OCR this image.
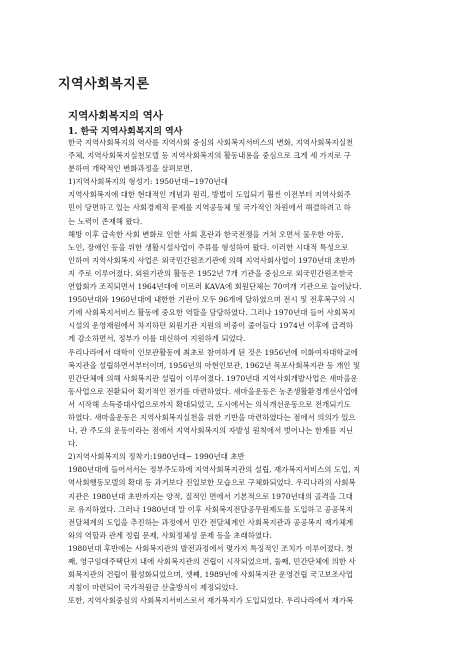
지역사회복지론
지역사회복지의 역사
1. 한국 지역사회복지의 역사
한국 지역사회복지의 역사를 지역사회 중심의 사회복지서비스의 변화, 지역사회복지실천
주체, 지역사회복지실천모델 등 지역사회복지의 활동내용을 중심으로 크게 세 가지로 구
분하여 개략적인 변화과정을 살펴보면,
1)지역사회복지의 형성기: 1950년대~1970년대
지역사회복지에 대한 현대적인 개념과 원리, 방법이 도입되기 훨씬 이전부터 지역사회주
민이 당면하고 있는 사회경제적 문제를 지역공동체 및 국가적인 차원에서 해결하려고 하
는 노력이 존재해 왔다.
해방 이후 급속한 사회 변화로 인한 사회 혼란과 한국전쟁을 거쳐 오면서 물우한 아동,
노인, 장애인 등을 위한 생활시설사업이 주류를 형성하여 왔다. 이러한 시대적 특성으로
인하여 지역사회복지 사업은 외국민간원조기관에 의해 지역사회사업이 1970년대 초반까
지 주로 이루어졌다. 외원기관의 활동은 1952년 7개 기관을 중심으로 외국민간원조한국
연합회가 조직되면서 1964년대에 이르러 KAVA에 회원단체는 70여개 기관으로 늘어났다.
1950년대와 1960년대에 내한한 기관이 모두 96개에 달하였으며 전시 및 전후복구의 시
기에 사회복지서비스 활동에 중요한 역할을 담당하였다. 그러나 1970년대 들어 사회복지
시설의 운영재원에서 차지하던 외원기관 지원의 비중이 줄어들다 1974년 이후에 급격하
게 감소하면서, 정부가 이를 대신하여 지원하게 되었다.
우리나라에서 대학이 인보관활동에 최초로 참여하게 된 것은 1956년에 이화여자대학교에
복지관을 설립하면서부터이며, 1956년의 아현인보관, 1962년 목포사회복지관 등 개인 및
민간단체에 의해 사회복지관 설립이 이루어졌다. 1970년대 지역사회개발사업은 새마을운
동사업으로 전환되어 획기적인 전기를 마련하였다. 새마을운동은 농촌생활환경개선사업에
서 시작해 소득증대사업으로까지 확대되었고, 도시에서는 의식개선운동으로 전개되기도
하였다. 새마을운동은 지역사회복지실천을 위한 기반을 마련하였다는 점에서 의의가 있으
나, 관 주도의 운동이라는 점에서 지역사회복지의 자발성 원칙에서 벗어나는 한계를 지닌
다.
2)지역사회복지의 정착기:1980년대~ 1990년대 초반
1980년대에 들어서서는 정부주도하에 지역사회복지관의 설립, 재가복지서비스의 도입, 지
역사회행동모델의 확대 등 과거보다 진일보한 모습으로 구체화되었다. 우리나라의 사회복
지관은 1980년대 초반까지는 양적, 질적인 면에서 기본적으로 1970년대의 골격을 그대
로 유지하였다. 그러나 1980년대 말 이후 사회복지전달공무원제도를 도입하고 공공복지
전달체계의 도입을 추진하는 과정에서 민간 전달체계인 사회복지관과 공공복지 재가체계
와의 역할과 관계 정립 문제, 사회정체성 문제 등을 초래하였다.
1980년대 후반에는 사회복지관의 발전과정에서 몇가지 특징적인 조치가 이루어졌다. 첫
째, 영구임대주택단지 내에 사회복지관의 건립이 시작되었으며, 둘째, 민간단체에 의한 사
회복지관의 건립이 활성화되었으며, 셋째, 1989년에 사회복지관 운영건립 국고보조사업
지침이 마련되어 국가적원금 산출방식이 제정되었다.
또한, 지역사회중심의 사회복지서비스로서 재가복지가 도입되었다. 우리나라에서 재가복
